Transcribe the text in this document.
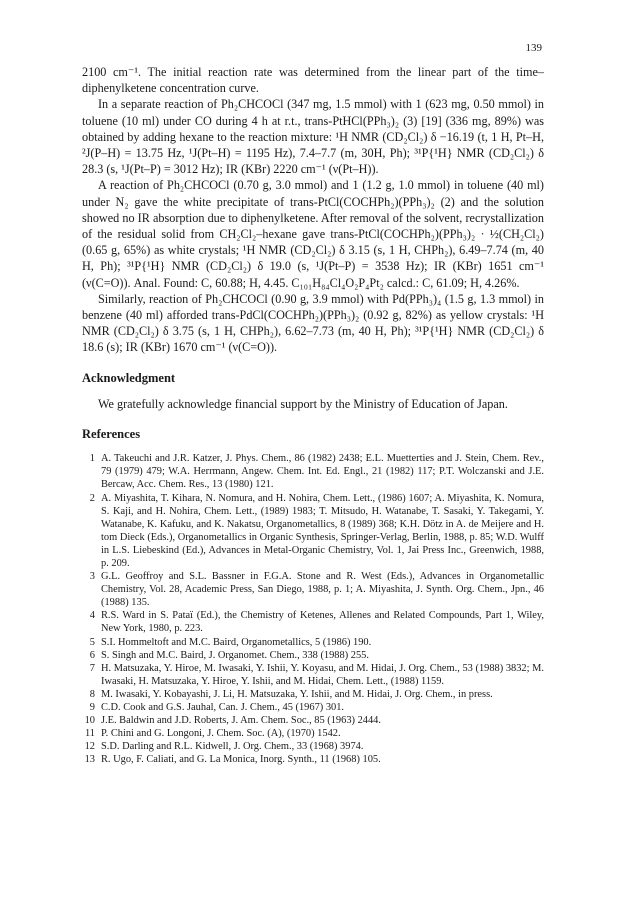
139

2100 cm⁻¹. The initial reaction rate was determined from the linear part of the time–diphenylketene concentration curve.

In a separate reaction of Ph₂CHCOCl (347 mg, 1.5 mmol) with 1 (623 mg, 0.50 mmol) in toluene (10 ml) under CO during 4 h at r.t., trans-PtHCl(PPh₃)₂ (3) [19] (336 mg, 89%) was obtained by adding hexane to the reaction mixture: ¹H NMR (CD₂Cl₂) δ −16.19 (t, 1 H, Pt–H, ²J(P–H) = 13.75 Hz, ¹J(Pt–H) = 1195 Hz), 7.4–7.7 (m, 30H, Ph); ³¹P{¹H} NMR (CD₂Cl₂) δ 28.3 (s, ¹J(Pt–P) = 3012 Hz); IR (KBr) 2220 cm⁻¹ (ν(Pt–H)).

A reaction of Ph₂CHCOCl (0.70 g, 3.0 mmol) and 1 (1.2 g, 1.0 mmol) in toluene (40 ml) under N₂ gave the white precipitate of trans-PtCl(COCHPh₂)(PPh₃)₂ (2) and the solution showed no IR absorption due to diphenylketene. After removal of the solvent, recrystallization of the residual solid from CH₂Cl₂–hexane gave trans-PtCl(COCHPh₂)(PPh₃)₂ · ½(CH₂Cl₂) (0.65 g, 65%) as white crystals; ¹H NMR (CD₂Cl₂) δ 3.15 (s, 1 H, CHPh₂), 6.49–7.74 (m, 40 H, Ph); ³¹P{¹H} NMR (CD₂Cl₂) δ 19.0 (s, ¹J(Pt–P) = 3538 Hz); IR (KBr) 1651 cm⁻¹ (ν(C=O)). Anal. Found: C, 60.88; H, 4.45. C₁₀₁H₈₄Cl₄O₂P₄Pt₂ calcd.: C, 61.09; H, 4.26%.

Similarly, reaction of Ph₂CHCOCl (0.90 g, 3.9 mmol) with Pd(PPh₃)₄ (1.5 g, 1.3 mmol) in benzene (40 ml) afforded trans-PdCl(COCHPh₂)(PPh₃)₂ (0.92 g, 82%) as yellow crystals: ¹H NMR (CD₂Cl₂) δ 3.75 (s, 1 H, CHPh₂), 6.62–7.73 (m, 40 H, Ph); ³¹P{¹H} NMR (CD₂Cl₂) δ 18.6 (s); IR (KBr) 1670 cm⁻¹ (ν(C=O)).

Acknowledgment

We gratefully acknowledge financial support by the Ministry of Education of Japan.

References
1 A. Takeuchi and J.R. Katzer, J. Phys. Chem., 86 (1982) 2438; E.L. Muetterties and J. Stein, Chem. Rev., 79 (1979) 479; W.A. Herrmann, Angew. Chem. Int. Ed. Engl., 21 (1982) 117; P.T. Wolczanski and J.E. Bercaw, Acc. Chem. Res., 13 (1980) 121.
2 A. Miyashita, T. Kihara, N. Nomura, and H. Nohira, Chem. Lett., (1986) 1607; A. Miyashita, K. Nomura, S. Kaji, and H. Nohira, Chem. Lett., (1989) 1983; T. Mitsudo, H. Watanabe, T. Sasaki, Y. Takegami, Y. Watanabe, K. Kafuku, and K. Nakatsu, Organometallics, 8 (1989) 368; K.H. Dötz in A. de Meijere and H. tom Dieck (Eds.), Organometallics in Organic Synthesis, Springer-Verlag, Berlin, 1988, p. 85; W.D. Wulff in L.S. Liebeskind (Ed.), Advances in Metal-Organic Chemistry, Vol. 1, Jai Press Inc., Greenwich, 1988, p. 209.
3 G.L. Geoffroy and S.L. Bassner in F.G.A. Stone and R. West (Eds.), Advances in Organometallic Chemistry, Vol. 28, Academic Press, San Diego, 1988, p. 1; A. Miyashita, J. Synth. Org. Chem., Jpn., 46 (1988) 135.
4 R.S. Ward in S. Pataï (Ed.), the Chemistry of Ketenes, Allenes and Related Compounds, Part 1, Wiley, New York, 1980, p. 223.
5 S.I. Hommeltoft and M.C. Baird, Organometallics, 5 (1986) 190.
6 S. Singh and M.C. Baird, J. Organomet. Chem., 338 (1988) 255.
7 H. Matsuzaka, Y. Hiroe, M. Iwasaki, Y. Ishii, Y. Koyasu, and M. Hidai, J. Org. Chem., 53 (1988) 3832; M. Iwasaki, H. Matsuzaka, Y. Hiroe, Y. Ishii, and M. Hidai, Chem. Lett., (1988) 1159.
8 M. Iwasaki, Y. Kobayashi, J. Li, H. Matsuzaka, Y. Ishii, and M. Hidai, J. Org. Chem., in press.
9 C.D. Cook and G.S. Jauhal, Can. J. Chem., 45 (1967) 301.
10 J.E. Baldwin and J.D. Roberts, J. Am. Chem. Soc., 85 (1963) 2444.
11 P. Chini and G. Longoni, J. Chem. Soc. (A), (1970) 1542.
12 S.D. Darling and R.L. Kidwell, J. Org. Chem., 33 (1968) 3974.
13 R. Ugo, F. Caliati, and G. La Monica, Inorg. Synth., 11 (1968) 105.
